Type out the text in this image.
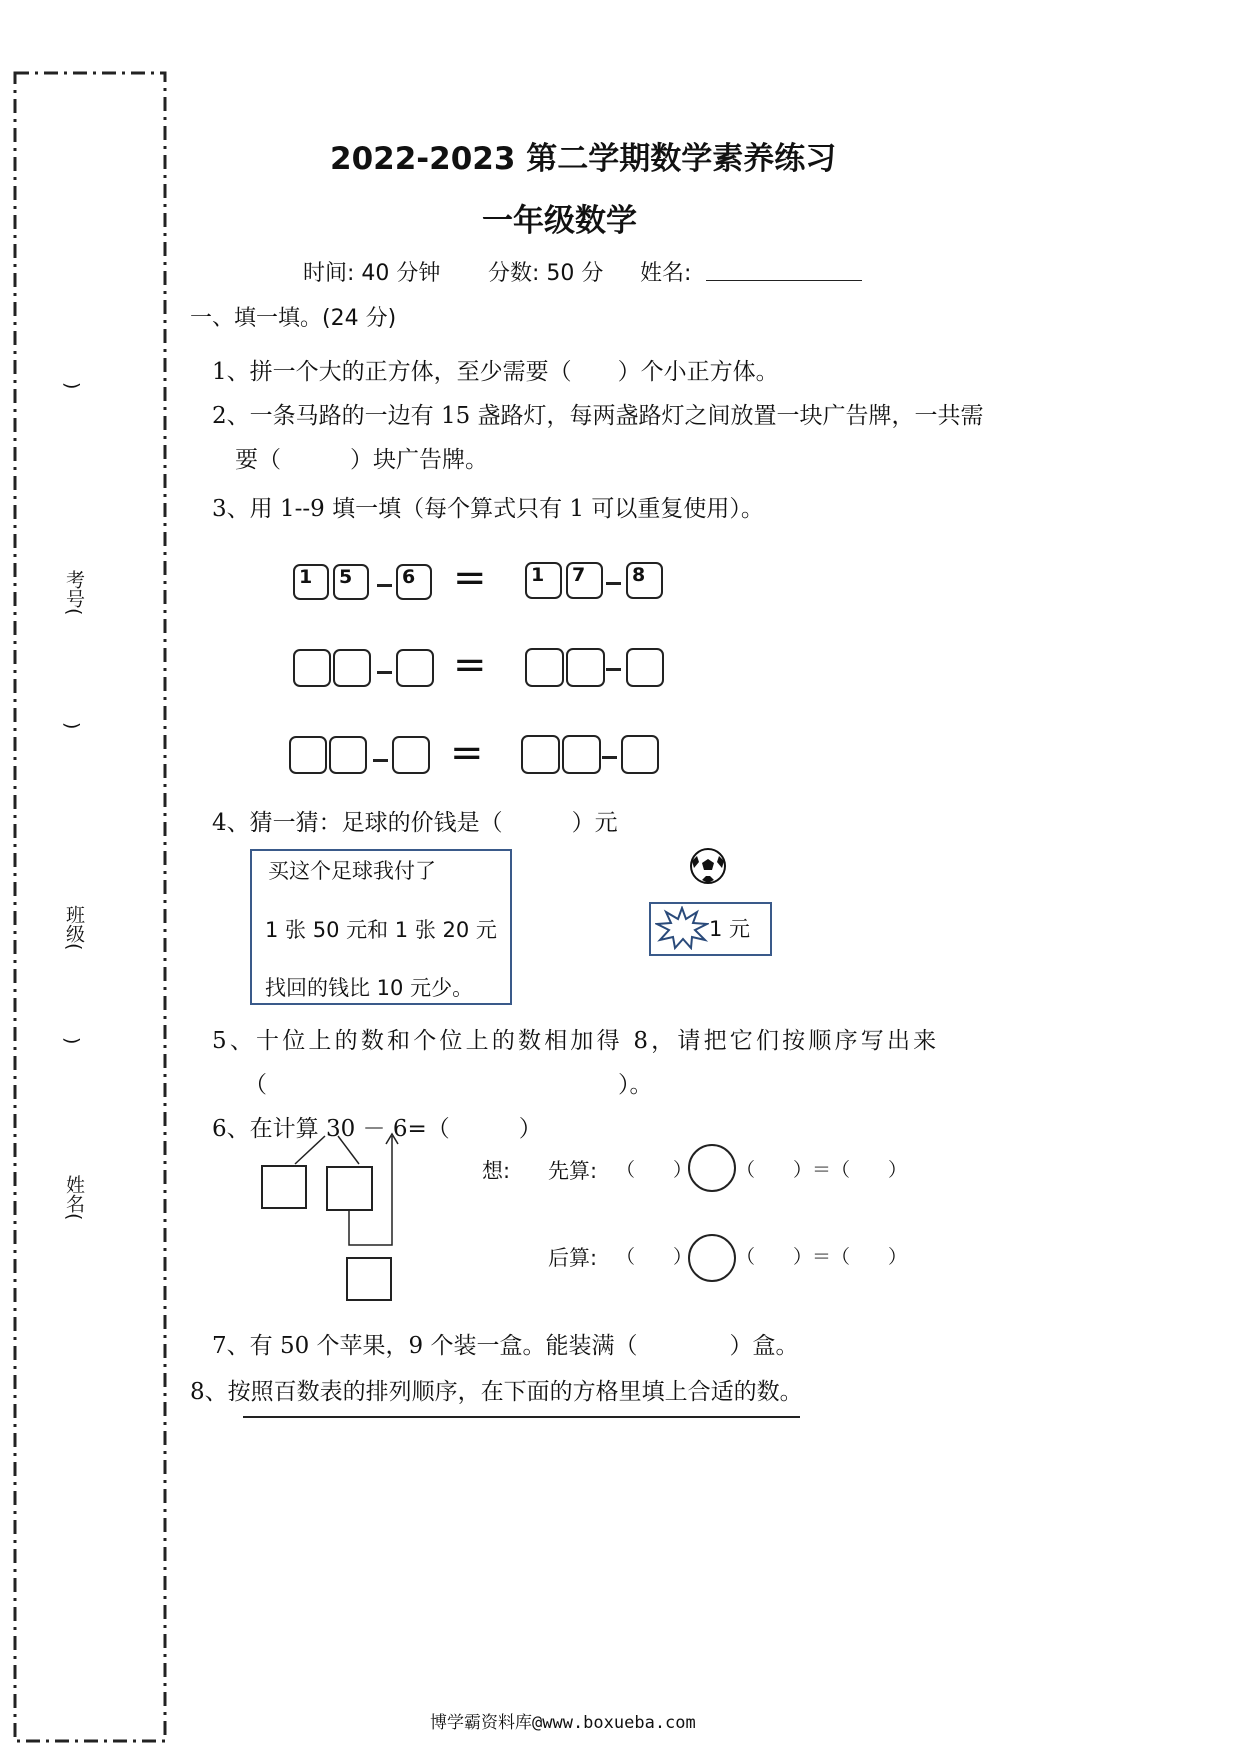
)
考号(
)
班级(
)
姓名(
2022-2023 第二学期数学素养练习
一年级数学
时间: 40 分钟 分数: 50 分 姓名:
一、填一填。(24 分)
1、拼一个大的正方体，至少需要（　　）个小正方体。
2、一条马路的一边有 15 盏路灯，每两盏路灯之间放置一块广告牌，一共需
要（　　　）块广告牌。
3、用 1--9 填一填（每个算式只有 1 可以重复使用）。
1 5	6 = 1 7 8
=
=
4、猜一猜：足球的价钱是（　　　）元
买这个足球我付了
1 张 50 元和 1 张 20 元
找回的钱比 10 元少。
1 元
5、十位上的数和个位上的数相加得 8，请把它们按顺序写出来
（	）。
6、在计算 30 － 6=（　　　）
想: 先算: （　　） （　　）＝（　　）
后算: （　　） （　　）＝（　　）
7、有 50 个苹果，9 个装一盒。能装满（　　　　）盒。
8、按照百数表的排列顺序，在下面的方格里填上合适的数。
博学霸资料库@www.boxueba.com
